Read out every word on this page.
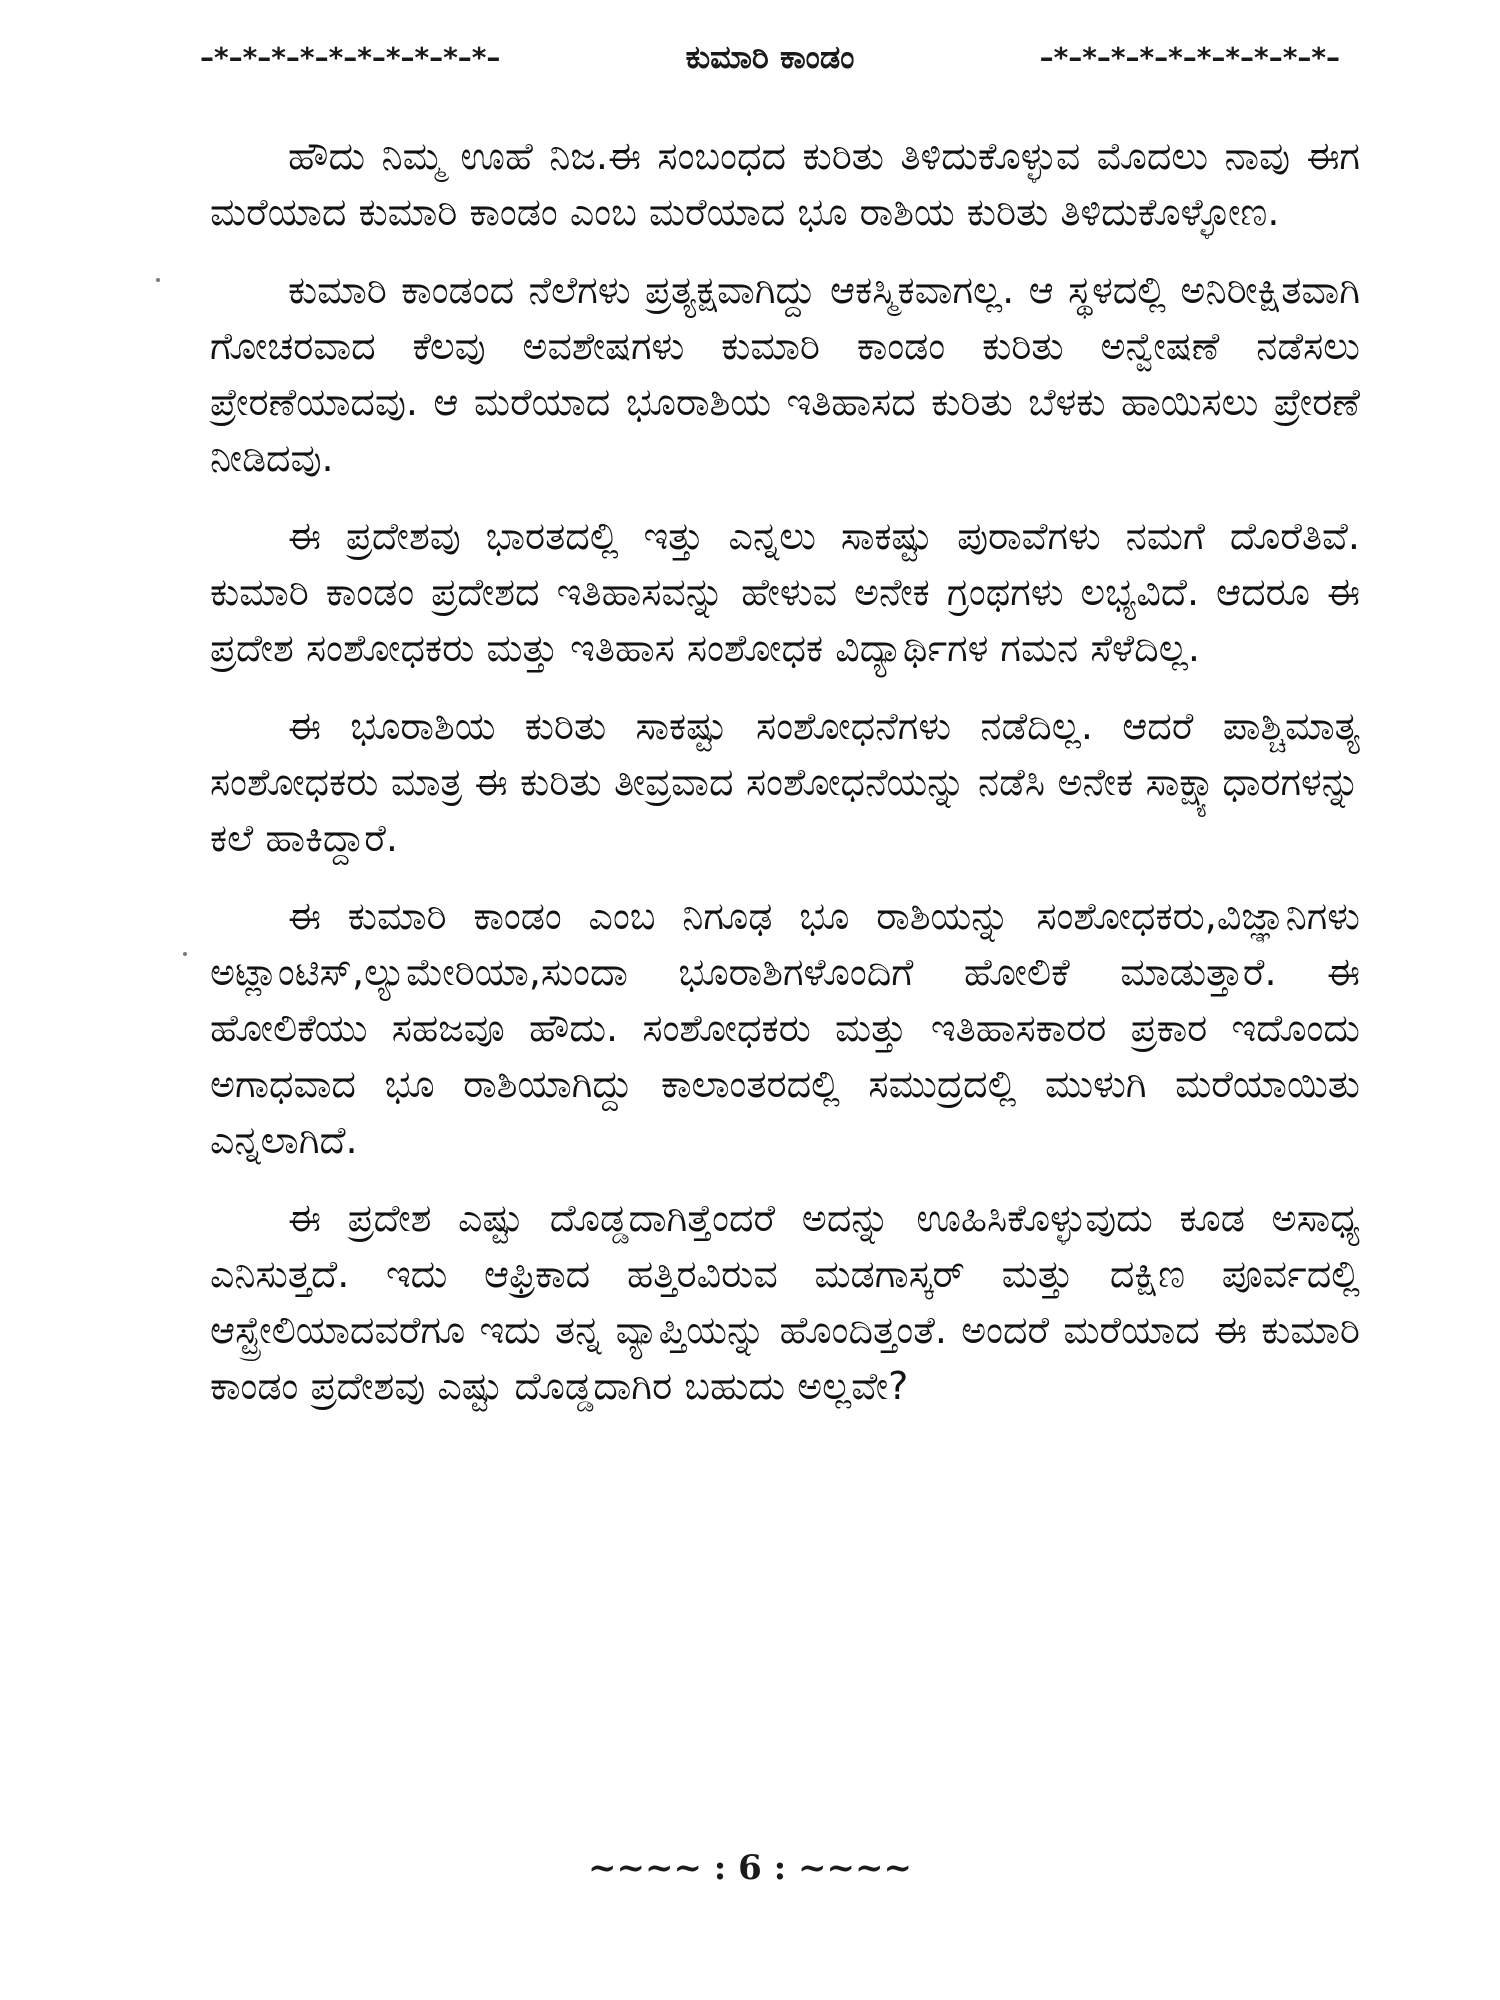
–*–*–*–*–*–*–*–*–*–*–	ಕುಮಾರಿ ಕಾಂಡಂ	–*–*–*–*–*–*–*–*–*–*–

ಹೌದು ನಿಮ್ಮ ಊಹೆ ನಿಜ.ಈ ಸಂಬಂಧದ ಕುರಿತು ತಿಳಿದುಕೊಳ್ಳುವ ಮೊದಲು ನಾವು ಈಗ ಮರೆಯಾದ ಕುಮಾರಿ ಕಾಂಡಂ ಎಂಬ ಮರೆಯಾದ ಭೂ ರಾಶಿಯ ಕುರಿತು ತಿಳಿದುಕೊಳ್ಳೋಣ.

ಕುಮಾರಿ ಕಾಂಡಂದ ನೆಲೆಗಳು ಪ್ರತ್ಯಕ್ಷವಾಗಿದ್ದು ಆಕಸ್ಮಿಕವಾಗಲ್ಲ. ಆ ಸ್ಥಳದಲ್ಲಿ ಅನಿರೀಕ್ಷಿತವಾಗಿ ಗೋಚರವಾದ ಕೆಲವು ಅವಶೇಷಗಳು ಕುಮಾರಿ ಕಾಂಡಂ ಕುರಿತು ಅನ್ವೇಷಣೆ ನಡೆಸಲು ಪ್ರೇರಣೆಯಾದವು. ಆ ಮರೆಯಾದ ಭೂರಾಶಿಯ ಇತಿಹಾಸದ ಕುರಿತು ಬೆಳಕು ಹಾಯಿಸಲು ಪ್ರೇರಣೆ ನೀಡಿದವು.

ಈ ಪ್ರದೇಶವು ಭಾರತದಲ್ಲಿ ಇತ್ತು ಎನ್ನಲು ಸಾಕಷ್ಟು ಪುರಾವೆಗಳು ನಮಗೆ ದೊರೆತಿವೆ. ಕುಮಾರಿ ಕಾಂಡಂ ಪ್ರದೇಶದ ಇತಿಹಾಸವನ್ನು ಹೇಳುವ ಅನೇಕ ಗ್ರಂಥಗಳು ಲಭ್ಯವಿದೆ. ಆದರೂ ಈ ಪ್ರದೇಶ ಸಂಶೋಧಕರು ಮತ್ತು ಇತಿಹಾಸ ಸಂಶೋಧಕ ವಿದ್ಯಾರ್ಥಿಗಳ ಗಮನ ಸೆಳೆದಿಲ್ಲ.

ಈ ಭೂರಾಶಿಯ ಕುರಿತು ಸಾಕಷ್ಟು ಸಂಶೋಧನೆಗಳು ನಡೆದಿಲ್ಲ. ಆದರೆ ಪಾಶ್ಚಿಮಾತ್ಯ ಸಂಶೋಧಕರು ಮಾತ್ರ ಈ ಕುರಿತು ತೀವ್ರವಾದ ಸಂಶೋಧನೆಯನ್ನು ನಡೆಸಿ ಅನೇಕ ಸಾಕ್ಷ್ಯಾಧಾರಗಳನ್ನು ಕಲೆ ಹಾಕಿದ್ದಾರೆ.

ಈ ಕುಮಾರಿ ಕಾಂಡಂ ಎಂಬ ನಿಗೂಢ ಭೂ ರಾಶಿಯನ್ನು ಸಂಶೋಧಕರು,ವಿಜ್ಞಾನಿಗಳು ಅಟ್ಲಾಂಟಿಸ್,ಲ್ಯುಮೇರಿಯಾ,ಸುಂದಾ ಭೂರಾಶಿಗಳೊಂದಿಗೆ ಹೋಲಿಕೆ ಮಾಡುತ್ತಾರೆ. ಈ ಹೋಲಿಕೆಯು ಸಹಜವೂ ಹೌದು. ಸಂಶೋಧಕರು ಮತ್ತು ಇತಿಹಾಸಕಾರರ ಪ್ರಕಾರ ಇದೊಂದು ಅಗಾಧವಾದ ಭೂ ರಾಶಿಯಾಗಿದ್ದು ಕಾಲಾಂತರದಲ್ಲಿ ಸಮುದ್ರದಲ್ಲಿ ಮುಳುಗಿ ಮರೆಯಾಯಿತು ಎನ್ನಲಾಗಿದೆ.

ಈ ಪ್ರದೇಶ ಎಷ್ಟು ದೊಡ್ಡದಾಗಿತ್ತೆಂದರೆ ಅದನ್ನು ಊಹಿಸಿಕೊಳ್ಳುವುದು ಕೂಡ ಅಸಾಧ್ಯ ಎನಿಸುತ್ತದೆ. ಇದು ಆಫ್ರಿಕಾದ ಹತ್ತಿರವಿರುವ ಮಡಗಾಸ್ಕರ್ ಮತ್ತು ದಕ್ಷಿಣ ಪೂರ್ವದಲ್ಲಿ ಆಸ್ಟ್ರೇಲಿಯಾದವರೆಗೂ ಇದು ತನ್ನ ವ್ಯಾಪ್ತಿಯನ್ನು ಹೊಂದಿತ್ತಂತೆ. ಅಂದರೆ ಮರೆಯಾದ ಈ ಕುಮಾರಿ ಕಾಂಡಂ ಪ್ರದೇಶವು ಎಷ್ಟು ದೊಡ್ಡದಾಗಿರ ಬಹುದು ಅಲ್ಲವೇ?

~~~~ : 6 : ~~~~
